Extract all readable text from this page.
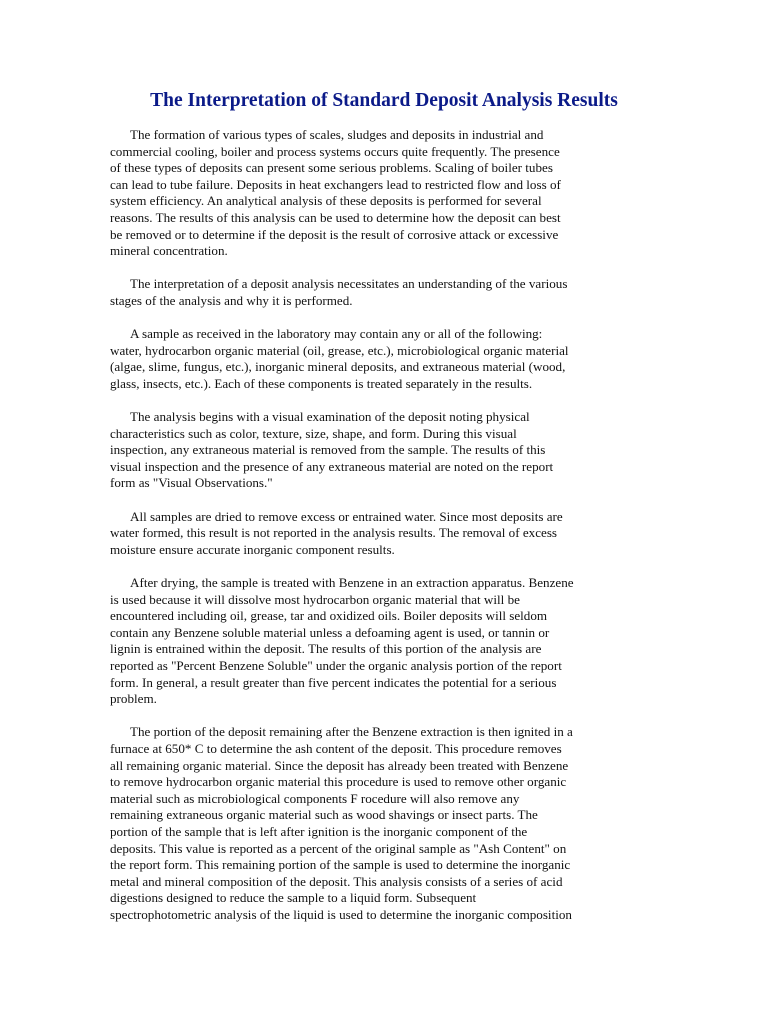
The Interpretation of Standard Deposit Analysis Results

The formation of various types of scales, sludges and deposits in industrial and
commercial cooling, boiler and process systems occurs quite frequently. The presence
of these types of deposits can present some serious problems. Scaling of boiler tubes
can lead to tube failure. Deposits in heat exchangers lead to restricted flow and loss of
system efficiency. An analytical analysis of these deposits is performed for several
reasons. The results of this analysis can be used to determine how the deposit can best
be removed or to determine if the deposit is the result of corrosive attack or excessive
mineral concentration.

The interpretation of a deposit analysis necessitates an understanding of the various
stages of the analysis and why it is performed.

A sample as received in the laboratory may contain any or all of the following:
water, hydrocarbon organic material (oil, grease, etc.), microbiological organic material
(algae, slime, fungus, etc.), inorganic mineral deposits, and extraneous material (wood,
glass, insects, etc.). Each of these components is treated separately in the results.

The analysis begins with a visual examination of the deposit noting physical
characteristics such as color, texture, size, shape, and form. During this visual
inspection, any extraneous material is removed from the sample. The results of this
visual inspection and the presence of any extraneous material are noted on the report
form as "Visual Observations."

All samples are dried to remove excess or entrained water. Since most deposits are
water formed, this result is not reported in the analysis results. The removal of excess
moisture ensure accurate inorganic component results.

After drying, the sample is treated with Benzene in an extraction apparatus. Benzene
is used because it will dissolve most hydrocarbon organic material that will be
encountered including oil, grease, tar and oxidized oils. Boiler deposits will seldom
contain any Benzene soluble material unless a defoaming agent is used, or tannin or
lignin is entrained within the deposit. The results of this portion of the analysis are
reported as "Percent Benzene Soluble" under the organic analysis portion of the report
form. In general, a result greater than five percent indicates the potential for a serious
problem.

The portion of the deposit remaining after the Benzene extraction is then ignited in a
furnace at 650* C to determine the ash content of the deposit. This procedure removes
all remaining organic material. Since the deposit has already been treated with Benzene
to remove hydrocarbon organic material this procedure is used to remove other organic
material such as microbiological components F rocedure will also remove any
remaining extraneous organic material such as wood shavings or insect parts. The
portion of the sample that is left after ignition is the inorganic component of the
deposits. This value is reported as a percent of the original sample as "Ash Content" on
the report form. This remaining portion of the sample is used to determine the inorganic
metal and mineral composition of the deposit. This analysis consists of a series of acid
digestions designed to reduce the sample to a liquid form. Subsequent
spectrophotometric analysis of the liquid is used to determine the inorganic composition
